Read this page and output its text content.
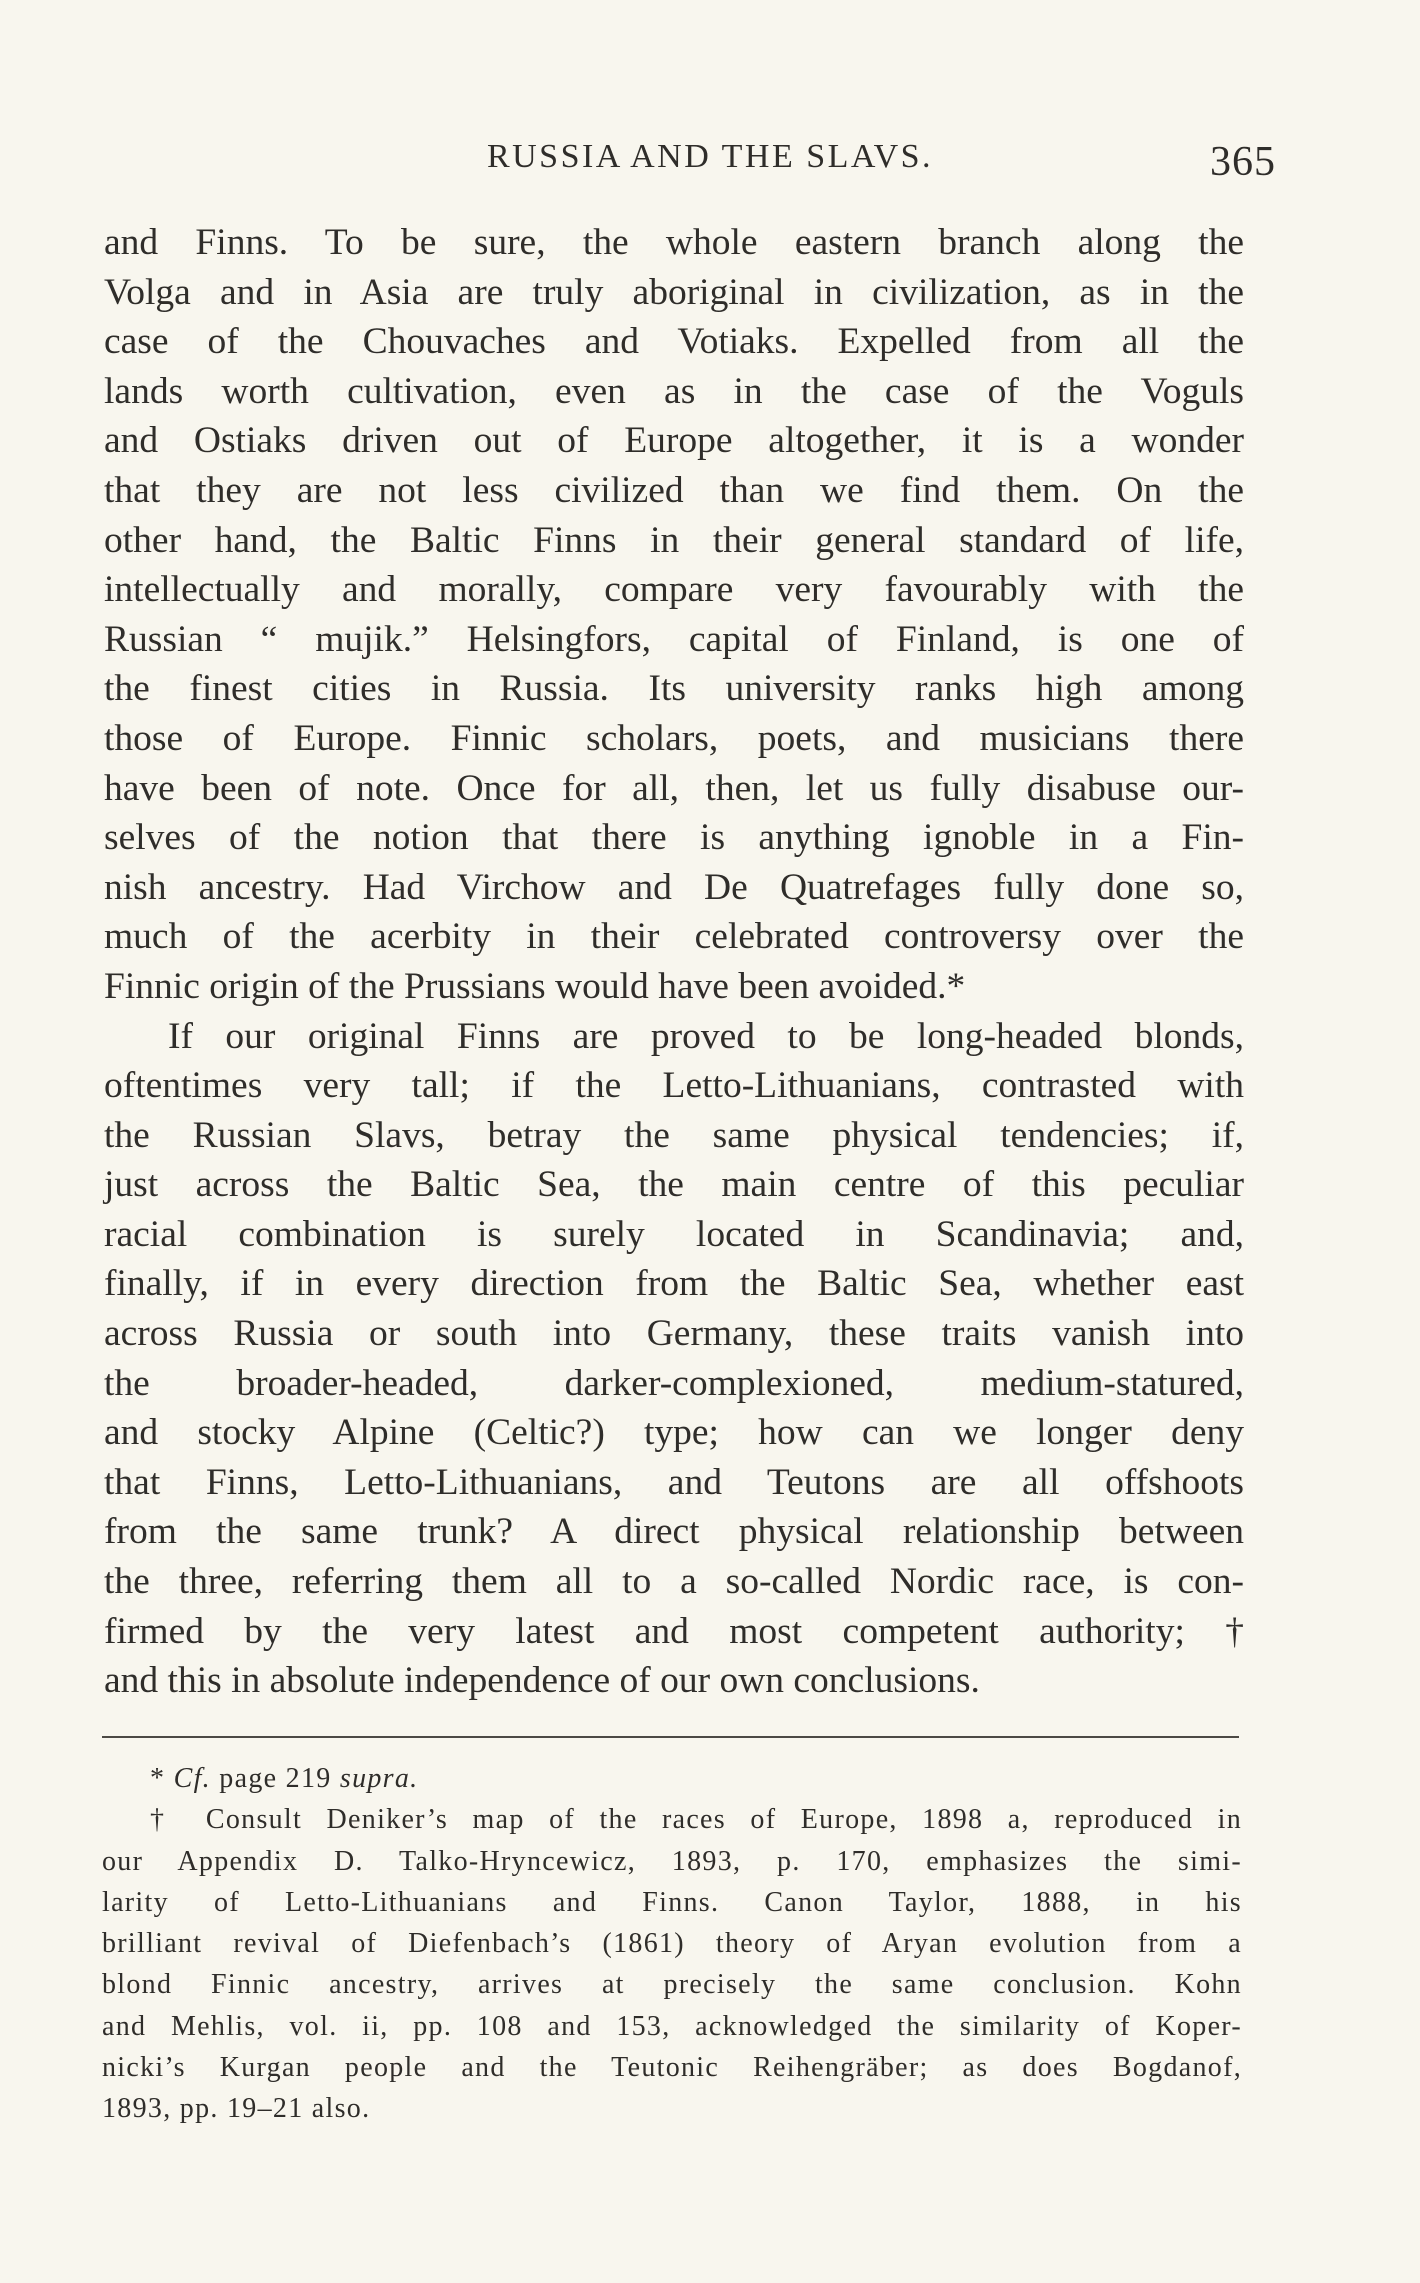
RUSSIA AND THE SLAVS.	365
and Finns. To be sure, the whole eastern branch along the
Volga and in Asia are truly aboriginal in civilization, as in the
case of the Chouvaches and Votiaks. Expelled from all the
lands worth cultivation, even as in the case of the Voguls
and Ostiaks driven out of Europe altogether, it is a wonder
that they are not less civilized than we find them. On the
other hand, the Baltic Finns in their general standard of life,
intellectually and morally, compare very favourably with the
Russian “ mujik.” Helsingfors, capital of Finland, is one of
the finest cities in Russia. Its university ranks high among
those of Europe. Finnic scholars, poets, and musicians there
have been of note. Once for all, then, let us fully disabuse our-
selves of the notion that there is anything ignoble in a Fin-
nish ancestry. Had Virchow and De Quatrefages fully done so,
much of the acerbity in their celebrated controversy over the
Finnic origin of the Prussians would have been avoided.*
If our original Finns are proved to be long-headed blonds,
oftentimes very tall; if the Letto-Lithuanians, contrasted with
the Russian Slavs, betray the same physical tendencies; if,
just across the Baltic Sea, the main centre of this peculiar
racial combination is surely located in Scandinavia; and,
finally, if in every direction from the Baltic Sea, whether east
across Russia or south into Germany, these traits vanish into
the broader-headed, darker-complexioned, medium-statured,
and stocky Alpine (Celtic?) type; how can we longer deny
that Finns, Letto-Lithuanians, and Teutons are all offshoots
from the same trunk? A direct physical relationship between
the three, referring them all to a so-called Nordic race, is con-
firmed by the very latest and most competent authority; †
and this in absolute independence of our own conclusions.
* Cf. page 219 supra.
† Consult Deniker’s map of the races of Europe, 1898 a, reproduced in
our Appendix D. Talko-Hryncewicz, 1893, p. 170, emphasizes the simi-
larity of Letto-Lithuanians and Finns. Canon Taylor, 1888, in his
brilliant revival of Diefenbach’s (1861) theory of Aryan evolution from a
blond Finnic ancestry, arrives at precisely the same conclusion. Kohn
and Mehlis, vol. ii, pp. 108 and 153, acknowledged the similarity of Koper-
nicki’s Kurgan people and the Teutonic Reihengräber; as does Bogdanof,
1893, pp. 19–21 also.
